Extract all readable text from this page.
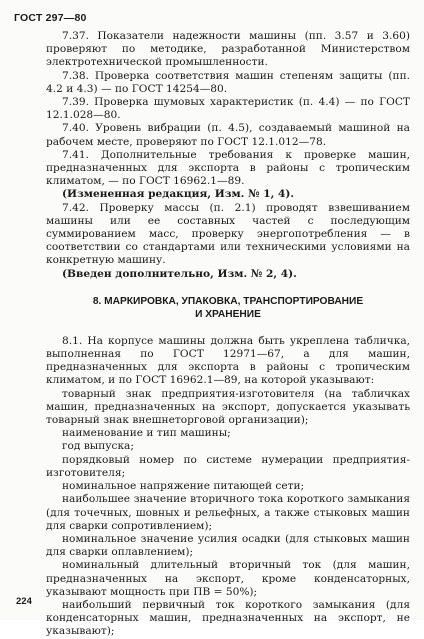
ГОСТ 297—80

7.37. Показатели надежности машины (пп. 3.57 и 3.60) проверяют по методике, разработанной Министерством электротехнической промышленности.

7.38. Проверка соответствия машин степеням защиты (пп. 4.2 и 4.3) — по ГОСТ 14254—80.

7.39. Проверка шумовых характеристик (п. 4.4) — по ГОСТ 12.1.028—80.

7.40. Уровень вибрации (п. 4.5), создаваемый машиной на рабочем месте, проверяют по ГОСТ 12.1.012—78.

7.41. Дополнительные требования к проверке машин, предназначенных для экспорта в районы с тропическим климатом, — по ГОСТ 16962.1—89.

(Измененная редакция, Изм. № 1, 4).

7.42. Проверку массы (п. 2.1) проводят взвешиванием машины или ее составных частей с последующим суммированием масс, проверку энергопотребления — в соответствии со стандартами или техническими условиями на конкретную машину.

(Введен дополнительно, Изм. № 2, 4).

8. МАРКИРОВКА, УПАКОВКА, ТРАНСПОРТИРОВАНИЕ

И ХРАНЕНИЕ

8.1. На корпусе машины должна быть укреплена табличка, выполненная по ГОСТ 12971—67, а для машин, предназначенных для экспорта в районы с тропическим климатом, и по ГОСТ 16962.1—89, на которой указывают:

товарный знак предприятия-изготовителя (на табличках машин, предназначенных на экспорт, допускается указывать товарный знак внешнеторговой организации);

наименование и тип машины;

год выпуска;

порядковый номер по системе нумерации предприятия-изготовителя;

номинальное напряжение питающей сети;

наибольшее значение вторичного тока короткого замыкания (для точечных, шовных и рельефных, а также стыковых машин для сварки сопротивлением);

номинальное значение усилия осадки (для стыковых машин для сварки оплавлением);

номинальный длительный вторичный ток (для машин, предназначенных на экспорт, кроме конденсаторных, указывают мощность при ПВ = 50%);

наибольший первичный ток короткого замыкания (для конденсаторных машин, предназначенных на экспорт, не указывают);

224
